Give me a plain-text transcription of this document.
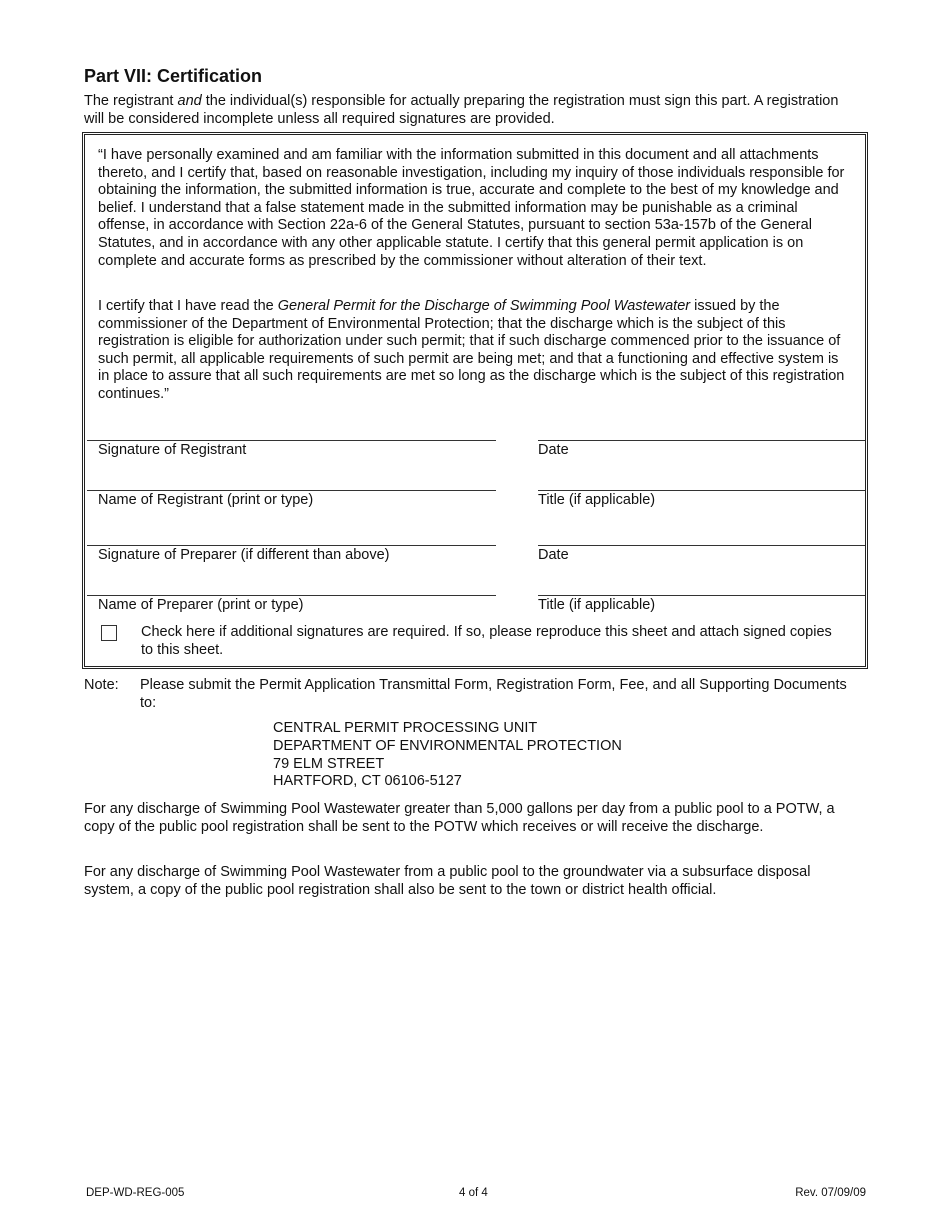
Part VII: Certification

The registrant and the individual(s) responsible for actually preparing the registration must sign this part. A registration will be considered incomplete unless all required signatures are provided.

“I have personally examined and am familiar with the information submitted in this document and all attachments thereto, and I certify that, based on reasonable investigation, including my inquiry of those individuals responsible for obtaining the information, the submitted information is true, accurate and complete to the best of my knowledge and belief. I understand that a false statement made in the submitted information may be punishable as a criminal offense, in accordance with Section 22a-6 of the General Statutes, pursuant to section 53a-157b of the General Statutes, and in accordance with any other applicable statute. I certify that this general permit application is on complete and accurate forms as prescribed by the commissioner without alteration of their text.

I certify that I have read the General Permit for the Discharge of Swimming Pool Wastewater issued by the commissioner of the Department of Environmental Protection; that the discharge which is the subject of this registration is eligible for authorization under such permit; that if such discharge commenced prior to the issuance of such permit, all applicable requirements of such permit are being met; and that a functioning and effective system is in place to assure that all such requirements are met so long as the discharge which is the subject of this registration continues.”

Signature of Registrant	Date
Name of Registrant (print or type)	Title (if applicable)
Signature of Preparer (if different than above)	Date
Name of Preparer (print or type)	Title (if applicable)
Check here if additional signatures are required. If so, please reproduce this sheet and attach signed copies to this sheet.
Note: Please submit the Permit Application Transmittal Form, Registration Form, Fee, and all Supporting Documents to:
CENTRAL PERMIT PROCESSING UNIT
DEPARTMENT OF ENVIRONMENTAL PROTECTION
79 ELM STREET
HARTFORD, CT 06106-5127

For any discharge of Swimming Pool Wastewater greater than 5,000 gallons per day from a public pool to a POTW, a copy of the public pool registration shall be sent to the POTW which receives or will receive the discharge.

For any discharge of Swimming Pool Wastewater from a public pool to the groundwater via a subsurface disposal system, a copy of the public pool registration shall also be sent to the town or district health official.

DEP-WD-REG-005	4 of 4	Rev. 07/09/09
